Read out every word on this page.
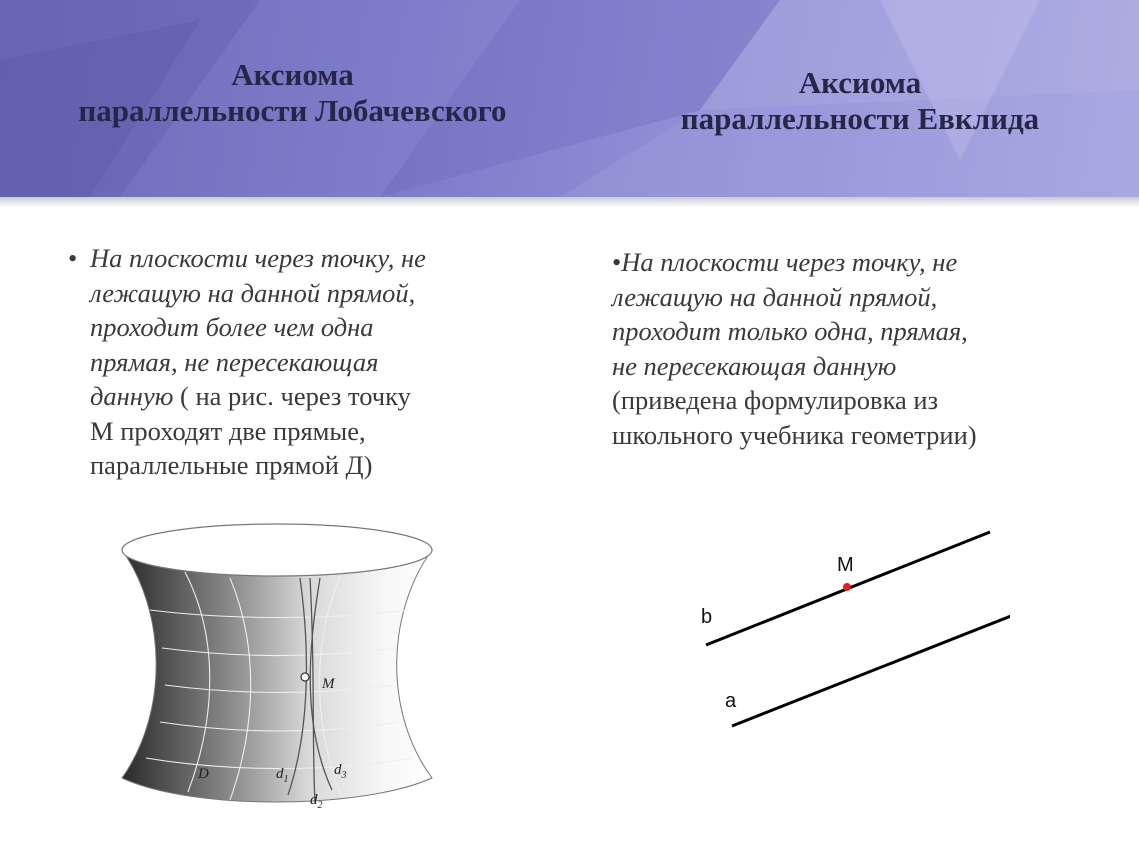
Аксиома
параллельности Лобачевского
Аксиома
параллельности Евклида
• На плоскости через точку, не
лежащую на данной прямой,
проходит более чем одна
прямая, не пересекающая
данную ( на рис. через точку
М проходят две прямые,
параллельные прямой Д)
•На плоскости через точку, не
лежащую на данной прямой,
проходит только одна, прямая,
не пересекающая данную
(приведена формулировка из
школьного учебника геометрии)
M
D	$d_1$
$d_2$
$d_3$
M
b
a
